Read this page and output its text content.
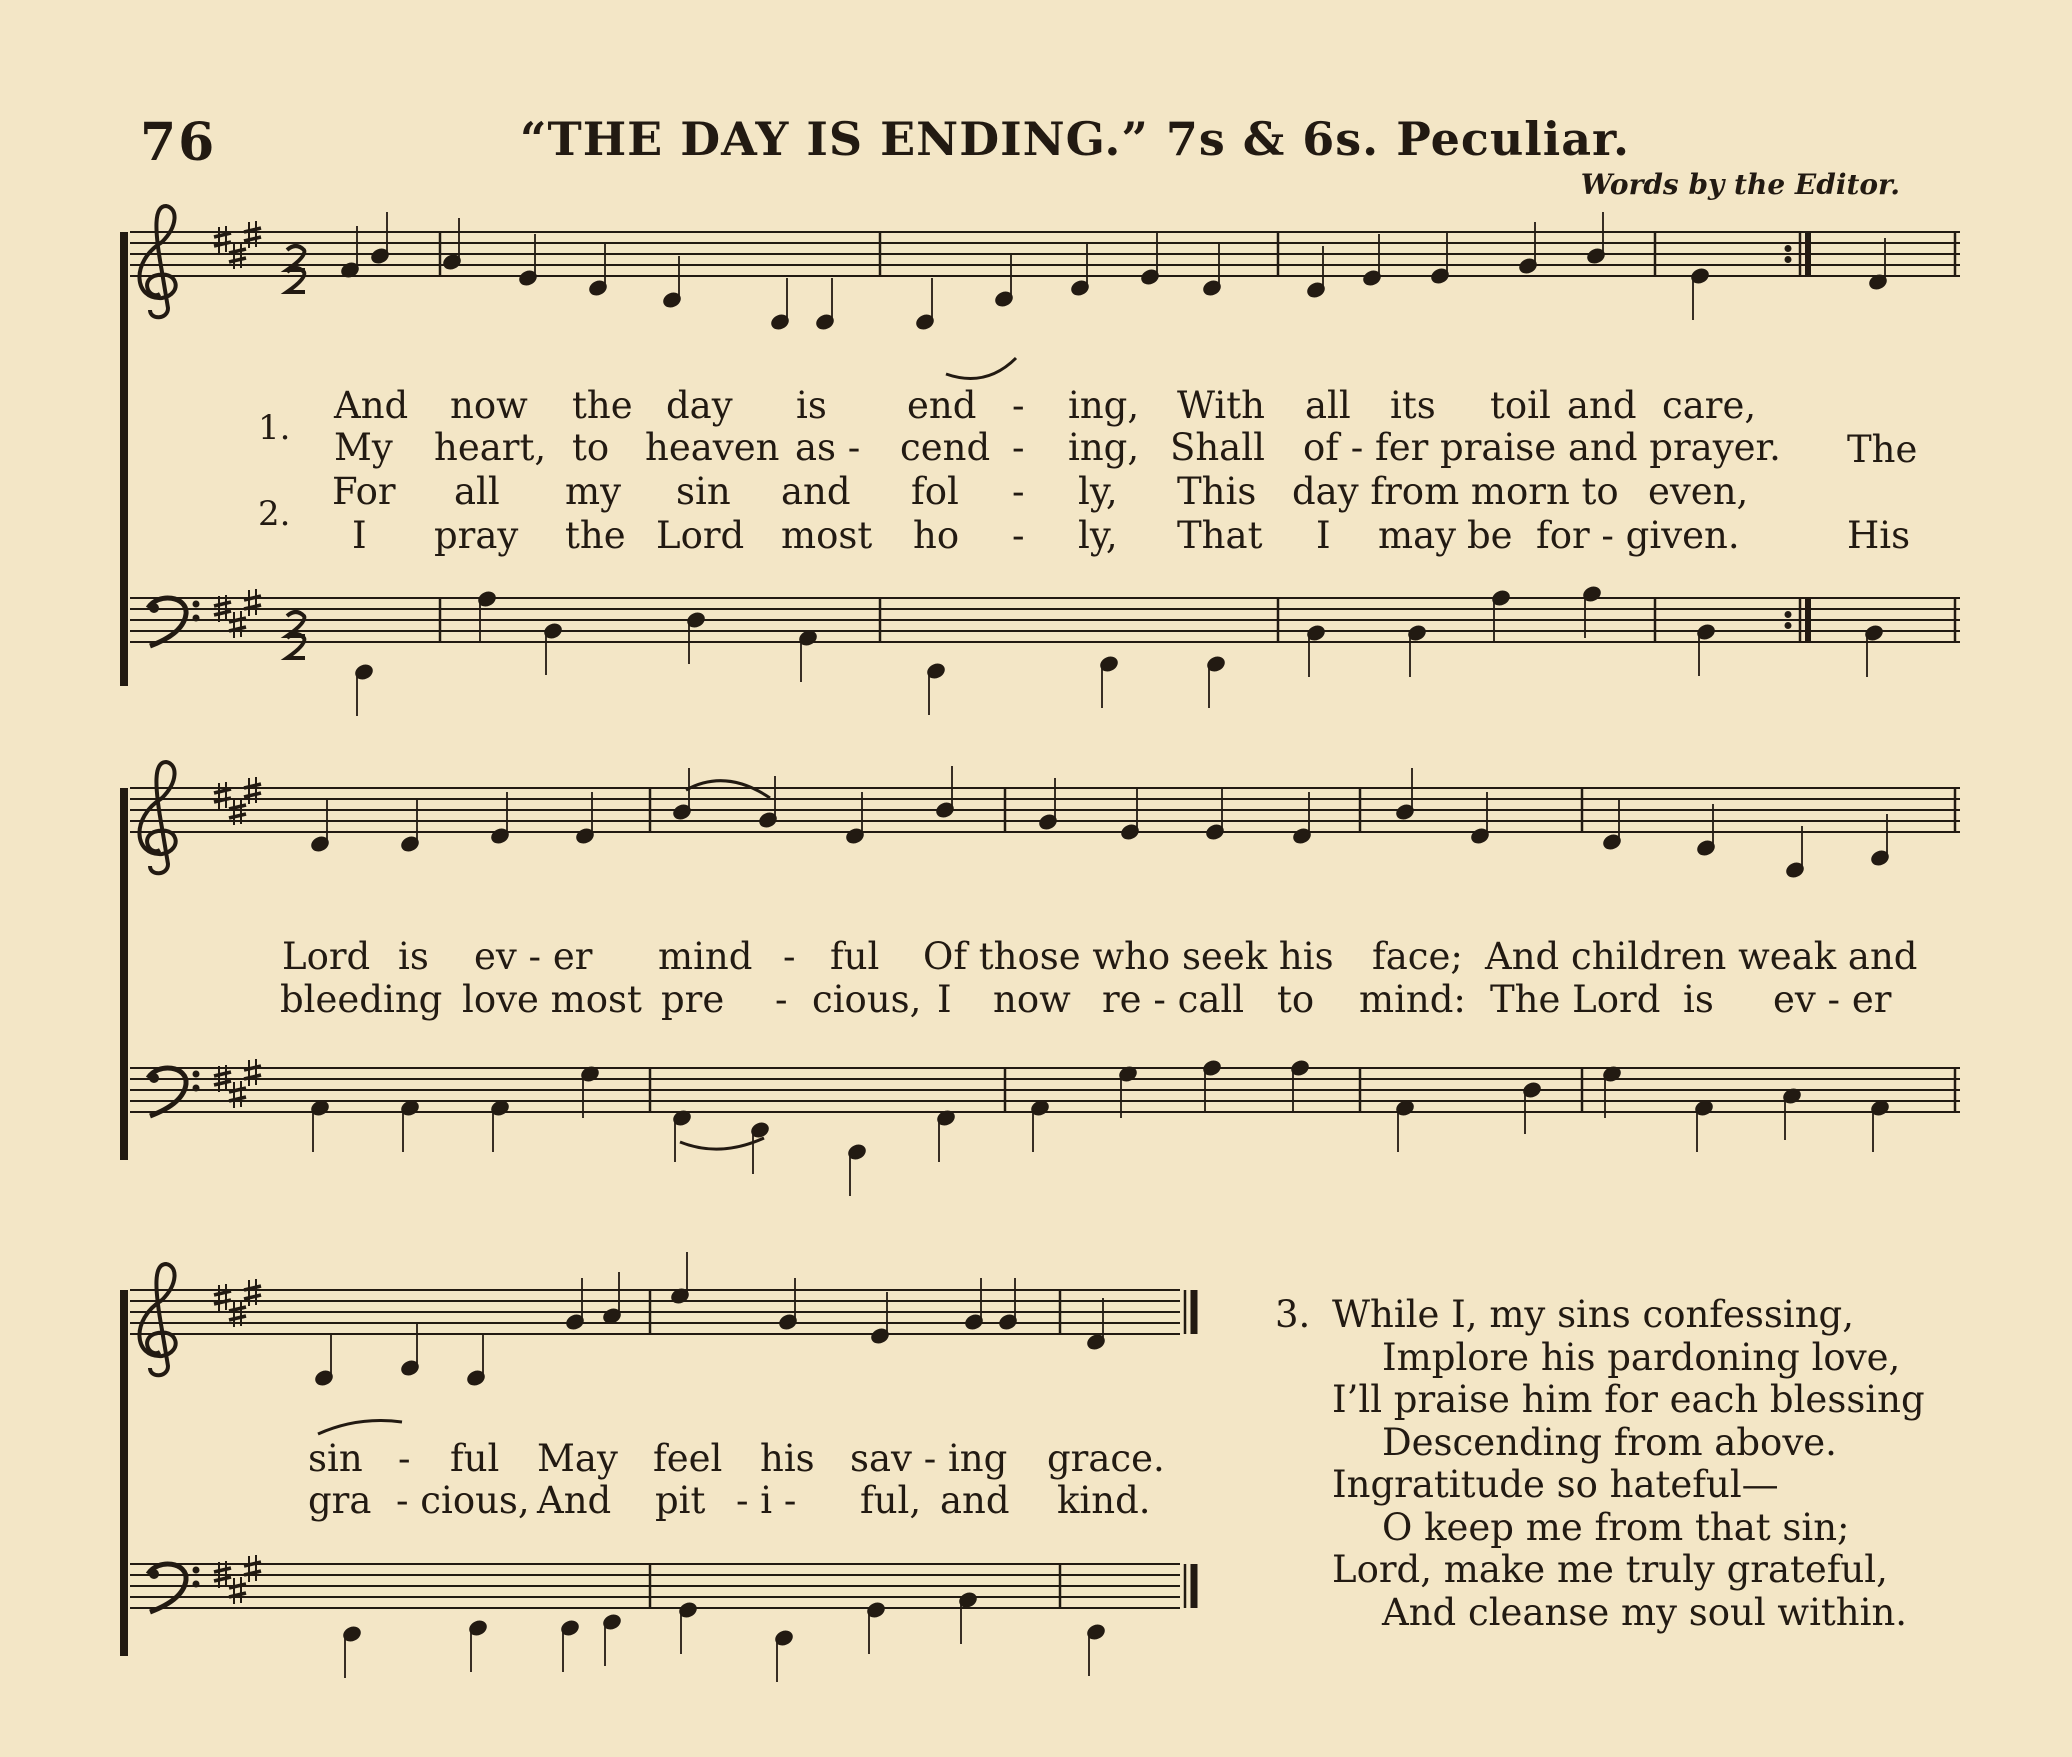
76	“THE DAY IS ENDING.” 7s & 6s. Peculiar.
Words by the Editor.
1.
2.
And now the day is end - ing, With all its toil and care,
My heart, to heaven as - cend - ing, Shall of - fer praise and prayer.
For all my sin and fol - ly, This day from morn to even,
I pray the Lord most ho - ly, That I may be for - given.
The
His
Lord is ev - er mind - ful Of those who seek his face; And children weak and
bleeding love most pre - cious, I now re - call to mind: The Lord is ev - er
sin - ful May feel his sav - ing grace.
gra - cious, And pit - i - ful, and kind.
3. While I, my sins confessing,
Implore his pardoning love,
I’ll praise him for each blessing
Descending from above.
Ingratitude so hateful—
O keep me from that sin;
Lord, make me truly grateful,
And cleanse my soul within.
